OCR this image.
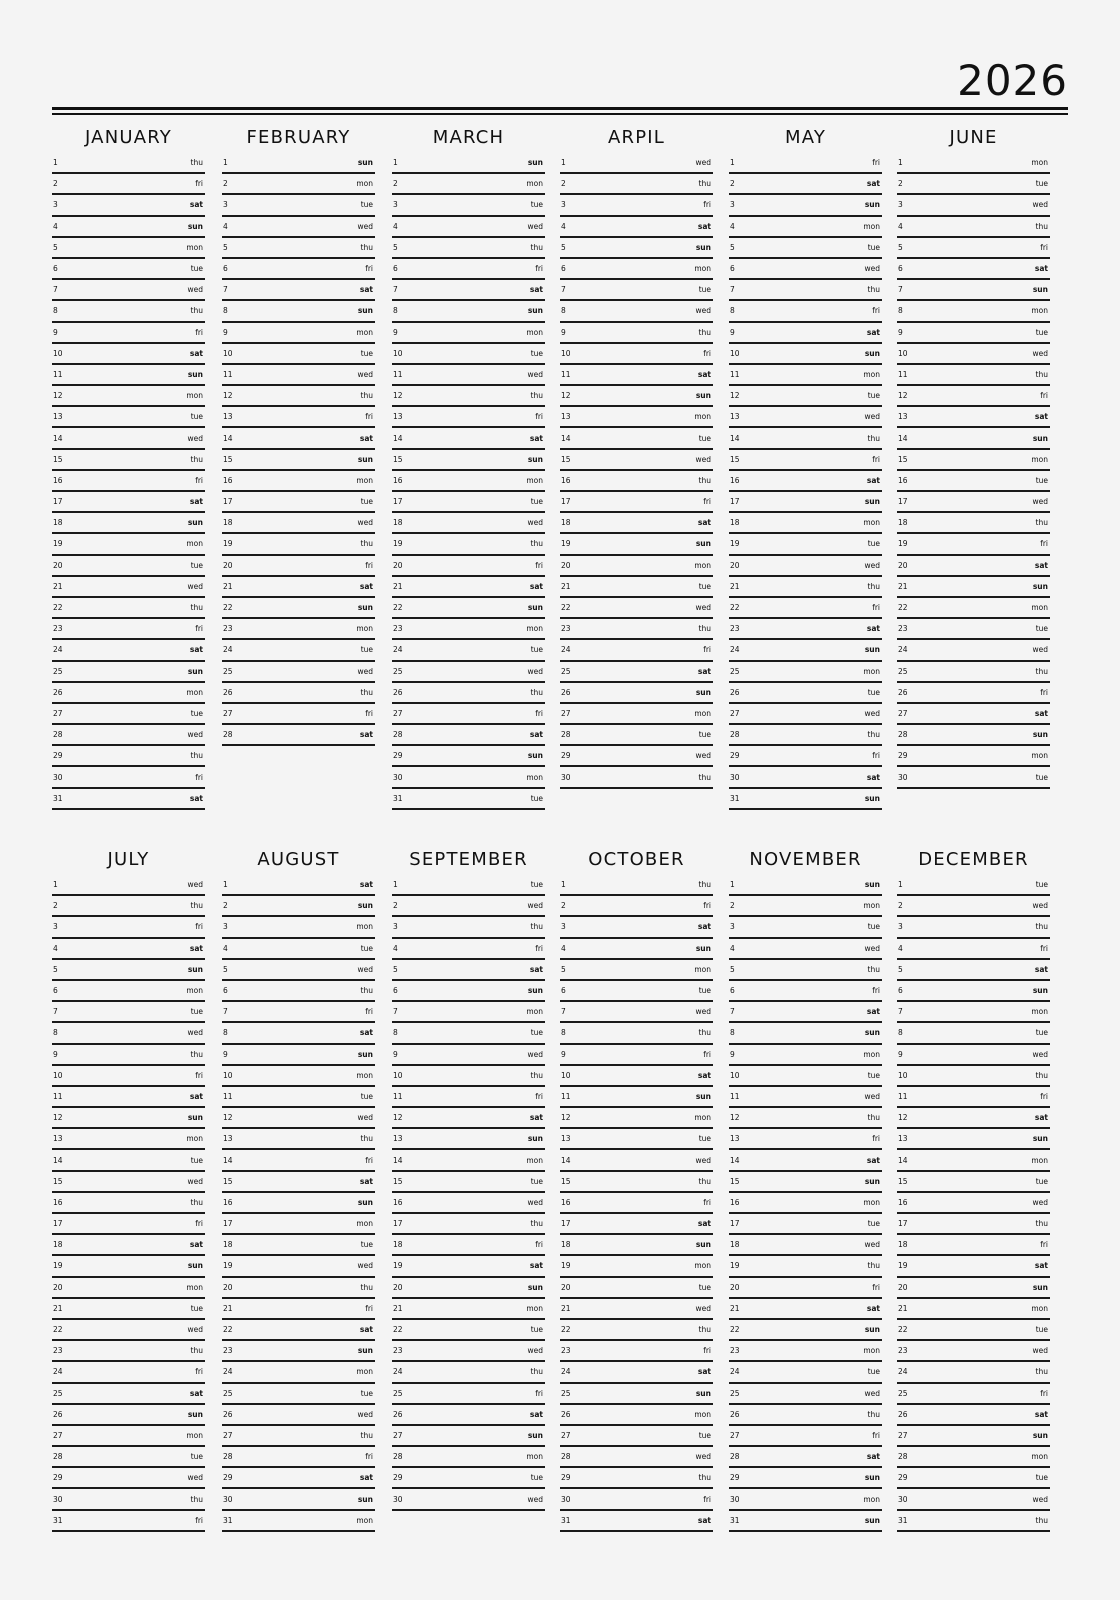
2026
JANUARY
1	thu
2	fri
3	sat
4	sun
5	mon
6	tue
7	wed
8	thu
9	fri
10	sat
11	sun
12	mon
13	tue
14	wed
15	thu
16	fri
17	sat
18	sun
19	mon
20	tue
21	wed
22	thu
23	fri
24	sat
25	sun
26	mon
27	tue
28	wed
29	thu
30	fri
31	sat
FEBRUARY
1	sun
2	mon
3	tue
4	wed
5	thu
6	fri
7	sat
8	sun
9	mon
10	tue
11	wed
12	thu
13	fri
14	sat
15	sun
16	mon
17	tue
18	wed
19	thu
20	fri
21	sat
22	sun
23	mon
24	tue
25	wed
26	thu
27	fri
28	sat
MARCH
1	sun
2	mon
3	tue
4	wed
5	thu
6	fri
7	sat
8	sun
9	mon
10	tue
11	wed
12	thu
13	fri
14	sat
15	sun
16	mon
17	tue
18	wed
19	thu
20	fri
21	sat
22	sun
23	mon
24	tue
25	wed
26	thu
27	fri
28	sat
29	sun
30	mon
31	tue
ARPIL
1	wed
2	thu
3	fri
4	sat
5	sun
6	mon
7	tue
8	wed
9	thu
10	fri
11	sat
12	sun
13	mon
14	tue
15	wed
16	thu
17	fri
18	sat
19	sun
20	mon
21	tue
22	wed
23	thu
24	fri
25	sat
26	sun
27	mon
28	tue
29	wed
30	thu
MAY
1	fri
2	sat
3	sun
4	mon
5	tue
6	wed
7	thu
8	fri
9	sat
10	sun
11	mon
12	tue
13	wed
14	thu
15	fri
16	sat
17	sun
18	mon
19	tue
20	wed
21	thu
22	fri
23	sat
24	sun
25	mon
26	tue
27	wed
28	thu
29	fri
30	sat
31	sun
JUNE
1	mon
2	tue
3	wed
4	thu
5	fri
6	sat
7	sun
8	mon
9	tue
10	wed
11	thu
12	fri
13	sat
14	sun
15	mon
16	tue
17	wed
18	thu
19	fri
20	sat
21	sun
22	mon
23	tue
24	wed
25	thu
26	fri
27	sat
28	sun
29	mon
30	tue
JULY
1	wed
2	thu
3	fri
4	sat
5	sun
6	mon
7	tue
8	wed
9	thu
10	fri
11	sat
12	sun
13	mon
14	tue
15	wed
16	thu
17	fri
18	sat
19	sun
20	mon
21	tue
22	wed
23	thu
24	fri
25	sat
26	sun
27	mon
28	tue
29	wed
30	thu
31	fri
AUGUST
1	sat
2	sun
3	mon
4	tue
5	wed
6	thu
7	fri
8	sat
9	sun
10	mon
11	tue
12	wed
13	thu
14	fri
15	sat
16	sun
17	mon
18	tue
19	wed
20	thu
21	fri
22	sat
23	sun
24	mon
25	tue
26	wed
27	thu
28	fri
29	sat
30	sun
31	mon
SEPTEMBER
1	tue
2	wed
3	thu
4	fri
5	sat
6	sun
7	mon
8	tue
9	wed
10	thu
11	fri
12	sat
13	sun
14	mon
15	tue
16	wed
17	thu
18	fri
19	sat
20	sun
21	mon
22	tue
23	wed
24	thu
25	fri
26	sat
27	sun
28	mon
29	tue
30	wed
OCTOBER
1	thu
2	fri
3	sat
4	sun
5	mon
6	tue
7	wed
8	thu
9	fri
10	sat
11	sun
12	mon
13	tue
14	wed
15	thu
16	fri
17	sat
18	sun
19	mon
20	tue
21	wed
22	thu
23	fri
24	sat
25	sun
26	mon
27	tue
28	wed
29	thu
30	fri
31	sat
NOVEMBER
1	sun
2	mon
3	tue
4	wed
5	thu
6	fri
7	sat
8	sun
9	mon
10	tue
11	wed
12	thu
13	fri
14	sat
15	sun
16	mon
17	tue
18	wed
19	thu
20	fri
21	sat
22	sun
23	mon
24	tue
25	wed
26	thu
27	fri
28	sat
29	sun
30	mon
31	sun
DECEMBER
1	tue
2	wed
3	thu
4	fri
5	sat
6	sun
7	mon
8	tue
9	wed
10	thu
11	fri
12	sat
13	sun
14	mon
15	tue
16	wed
17	thu
18	fri
19	sat
20	sun
21	mon
22	tue
23	wed
24	thu
25	fri
26	sat
27	sun
28	mon
29	tue
30	wed
31	thu
